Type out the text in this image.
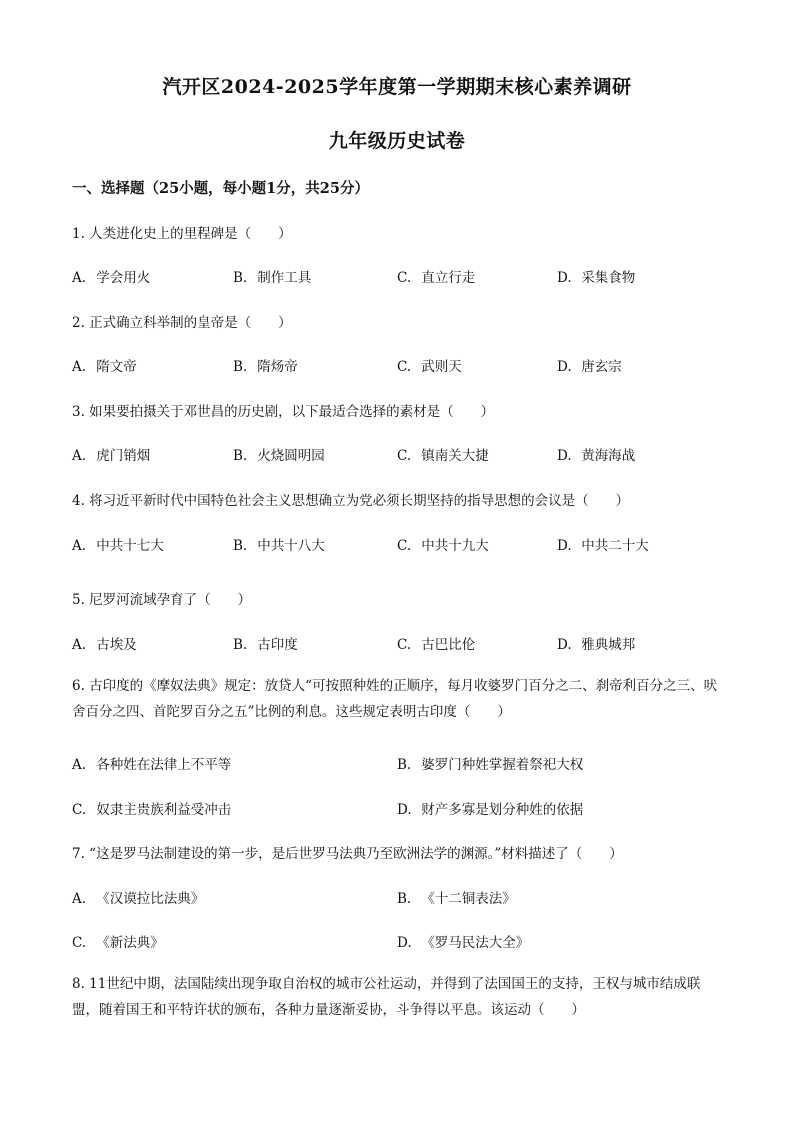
汽开区2024-2025学年度第一学期期末核心素养调研
九年级历史试卷
一、选择题（25小题，每小题1分，共25分）
1. 人类进化史上的里程碑是（　　）
A. 学会用火	B. 制作工具	C. 直立行走	D. 采集食物
2. 正式确立科举制的皇帝是（　　）
A. 隋文帝	B. 隋炀帝	C. 武则天	D. 唐玄宗
3. 如果要拍摄关于邓世昌的历史剧，以下最适合选择的素材是（　　）
A. 虎门销烟	B. 火烧圆明园	C. 镇南关大捷	D. 黄海海战
4. 将习近平新时代中国特色社会主义思想确立为党必须长期坚持的指导思想的会议是（　　）
A. 中共十七大	B. 中共十八大	C. 中共十九大	D. 中共二十大
5. 尼罗河流域孕育了（　　）
A. 古埃及	B. 古印度	C. 古巴比伦	D. 雅典城邦
6. 古印度的《摩奴法典》规定：放贷人“可按照种姓的正顺序，每月收婆罗门百分之二、刹帝利百分之三、吠舍百分之四、首陀罗百分之五”比例的利息。这些规定表明古印度（　　）
A. 各种姓在法律上不平等	B. 婆罗门种姓掌握着祭祀大权
C. 奴隶主贵族利益受冲击	D. 财产多寡是划分种姓的依据
7. “这是罗马法制建设的第一步，是后世罗马法典乃至欧洲法学的渊源。”材料描述了（　　）
A. 《汉谟拉比法典》	B. 《十二铜表法》
C. 《新法典》	D. 《罗马民法大全》
8. 11世纪中期，法国陆续出现争取自治权的城市公社运动，并得到了法国国王的支持，王权与城市结成联盟，随着国王和平特许状的颁布，各种力量逐渐妥协，斗争得以平息。该运动（　　）
